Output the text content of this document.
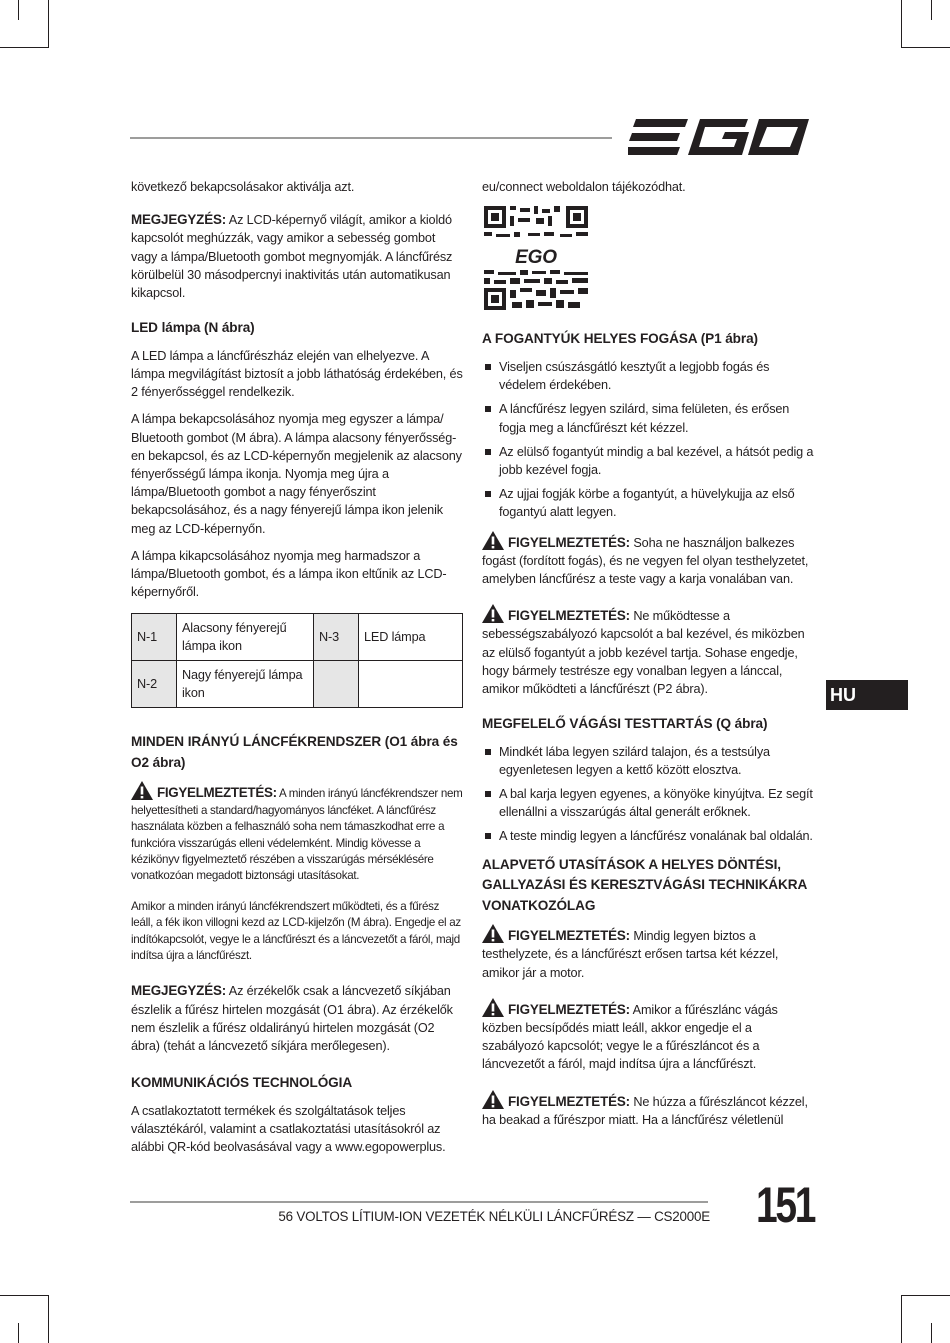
következő bekapcsolásakor aktiválja azt.

MEGJEGYZÉS: Az LCD-képernyő világít, amikor a kioldó kapcsolót meghúzzák, vagy amikor a sebesség gombot vagy a lámpa/Bluetooth gombot megnyomják. A láncfűrész körülbelül 30 másodpercnyi inaktivitás után automatikusan kikapcsol.

LED lámpa (N ábra)

A LED lámpa a láncfűrészház elején van elhelyezve. A lámpa megvilágítást biztosít a jobb láthatóság érdekében, és 2 fényerősséggel rendelkezik.

A lámpa bekapcsolásához nyomja meg egyszer a lámpa/ Bluetooth gombot (M ábra). A lámpa alacsony fényerősség-en bekapcsol, és az LCD-képernyőn megjelenik az alacsony fényerősségű lámpa ikonja. Nyomja meg újra a lámpa/Bluetooth gombot a nagy fényerőszint bekapcsolásához, és a nagy fényerejű lámpa ikon jelenik meg az LCD-képernyőn.

A lámpa kikapcsolásához nyomja meg harmadszor a lámpa/Bluetooth gombot, és a lámpa ikon eltűnik az LCD-képernyőről.

N-1	Alacsony fényerejű lámpa ikon	N-3	LED lámpa
N-2	Nagy fényerejű lámpa ikon		
MINDEN IRÁNYÚ LÁNCFÉKRENDSZER (O1 ábra és O2 ábra)

FIGYELMEZTETÉS: A minden irányú láncfékrendszer nem helyettesítheti a standard/hagyományos láncféket. A láncfűrész használata közben a felhasználó soha nem támaszkodhat erre a funkcióra visszarúgás elleni védelemként. Mindig kövesse a kézikönyv figyelmeztető részében a visszarúgás mérséklésére vonatkozóan megadott biztonsági utasításokat.

Amikor a minden irányú láncfékrendszert működteti, és a fűrész leáll, a fék ikon villogni kezd az LCD-kijelzőn (M ábra). Engedje el az indítókapcsolót, vegye le a láncfűrészt és a láncvezetőt a fáról, majd indítsa újra a láncfűrészt.

MEGJEGYZÉS: Az érzékelők csak a láncvezető síkjában észlelik a fűrész hirtelen mozgását (O1 ábra). Az érzékelők nem észlelik a fűrész oldalirányú hirtelen mozgását (O2 ábra) (tehát a láncvezető síkjára merőlegesen).

KOMMUNIKÁCIÓS TECHNOLÓGIA

A csatlakoztatott termékek és szolgáltatások teljes választékáról, valamint a csatlakoztatási utasításokról az alábbi QR-kód beolvasásával vagy a www.egopowerplus.

eu/connect weboldalon tájékozódhat.

EGO
A FOGANTYÚK HELYES FOGÁSA (P1 ábra)
Viseljen csúszásgátló kesztyűt a legjobb fogás és védelem érdekében.
A láncfűrész legyen szilárd, sima felületen, és erősen fogja meg a láncfűrészt két kézzel.
Az elülső fogantyút mindig a bal kezével, a hátsót pedig a jobb kezével fogja.
Az ujjai fogják körbe a fogantyút, a hüvelykujja az első fogantyú alatt legyen.

FIGYELMEZTETÉS: Soha ne használjon balkezes fogást (fordított fogás), és ne vegyen fel olyan testhelyzetet, amelyben láncfűrész a teste vagy a karja vonalában van.

FIGYELMEZTETÉS: Ne működtesse a sebességszabályozó kapcsolót a bal kezével, és miközben az elülső fogantyút a jobb kezével tartja. Sohase engedje, hogy bármely testrésze egy vonalban legyen a lánccal, amikor működteti a láncfűrészt (P2 ábra).

MEGFELELŐ VÁGÁSI TESTTARTÁS (Q ábra)
Mindkét lába legyen szilárd talajon, és a testsúlya egyenletesen legyen a kettő között elosztva.
A bal karja legyen egyenes, a könyöke kinyújtva. Ez segít ellenállni a visszarúgás által generált erőknek.
A teste mindig legyen a láncfűrész vonalának bal oldalán.
ALAPVETŐ UTASÍTÁSOK A HELYES DÖNTÉSI, GALLYAZÁSI ÉS KERESZTVÁGÁSI TECHNIKÁKRA VONATKOZÓLAG

FIGYELMEZTETÉS: Mindig legyen biztos a testhelyzete, és a láncfűrészt erősen tartsa két kézzel, amikor jár a motor.

FIGYELMEZTETÉS: Amikor a fűrészlánc vágás közben becsípődés miatt leáll, akkor engedje el a szabályozó kapcsolót; vegye le a fűrészláncot és a láncvezetőt a fáról, majd indítsa újra a láncfűrészt.

FIGYELMEZTETÉS: Ne húzza a fűrészláncot kézzel, ha beakad a fűrészpor miatt. Ha a láncfűrész véletlenül

HU
56 VOLTOS LÍTIUM-ION VEZETÉK NÉLKÜLI LÁNCFŰRÉSZ — CS2000E 151
